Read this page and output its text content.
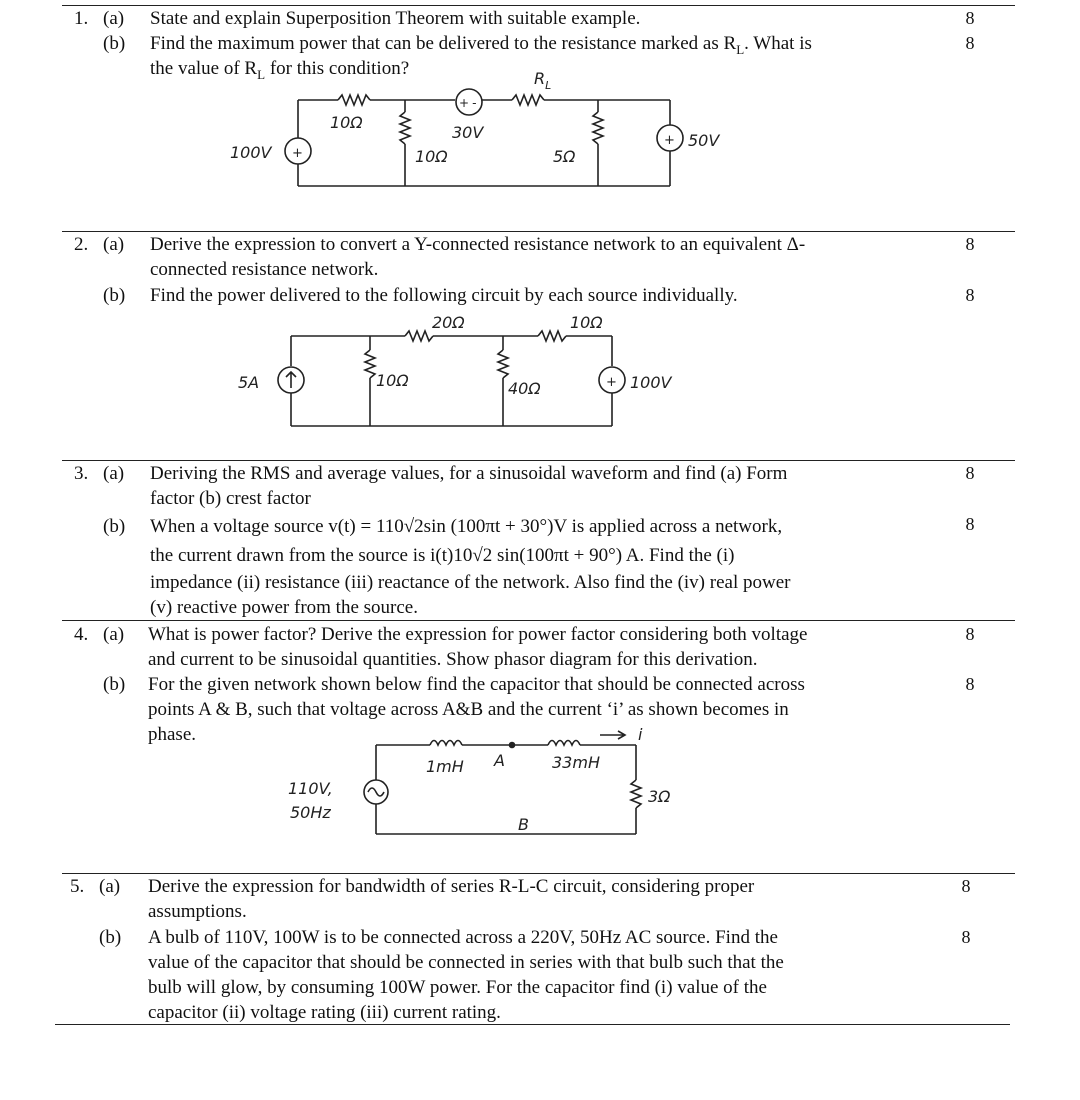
1. (a) State and explain Superposition Theorem with suitable example.	8
(b) Find the maximum power that can be delivered to the resistance marked as $R_L$. What is	8
the value of $R_L$ for this condition?
10Ω
30V
+ -
$R_L$
100V	10Ω	5Ω
50V
+
+
2. (a) Derive the expression to convert a Y-connected resistance network to an equivalent Δ-
connected resistance network.
8
(b) Find the power delivered to the following circuit by each source individually.	8
20Ω	10Ω
5A	10Ω	40Ω	100V
+
3. (a) Deriving the RMS and average values, for a sinusoidal waveform and find (a) Form
factor (b) crest factor
8
(b) When a voltage source v(t) = 110√2sin (100πt + 30°)V is applied across a network,
the current drawn from the source is i(t)10√2 sin(100πt + 90°) A. Find the (i)
impedance (ii) resistance (iii) reactance of the network. Also find the (iv) real power
(v) reactive power from the source.
8
4. (a) What is power factor? Derive the expression for power factor considering both voltage
and current to be sinusoidal quantities. Show phasor diagram for this derivation.
8
(b) For the given network shown below find the capacitor that should be connected across
points A & B, such that voltage across A&B and the current ‘i’ as shown becomes in
phase.
8
1mH A	33mH
i
110V,
50Hz
3Ω
B
5. (a) Derive the expression for bandwidth of series R-L-C circuit, considering proper
assumptions.
8
(b) A bulb of 110V, 100W is to be connected across a 220V, 50Hz AC source. Find the
value of the capacitor that should be connected in series with that bulb such that the
bulb will glow, by consuming 100W power. For the capacitor find (i) value of the
capacitor (ii) voltage rating (iii) current rating.
8
